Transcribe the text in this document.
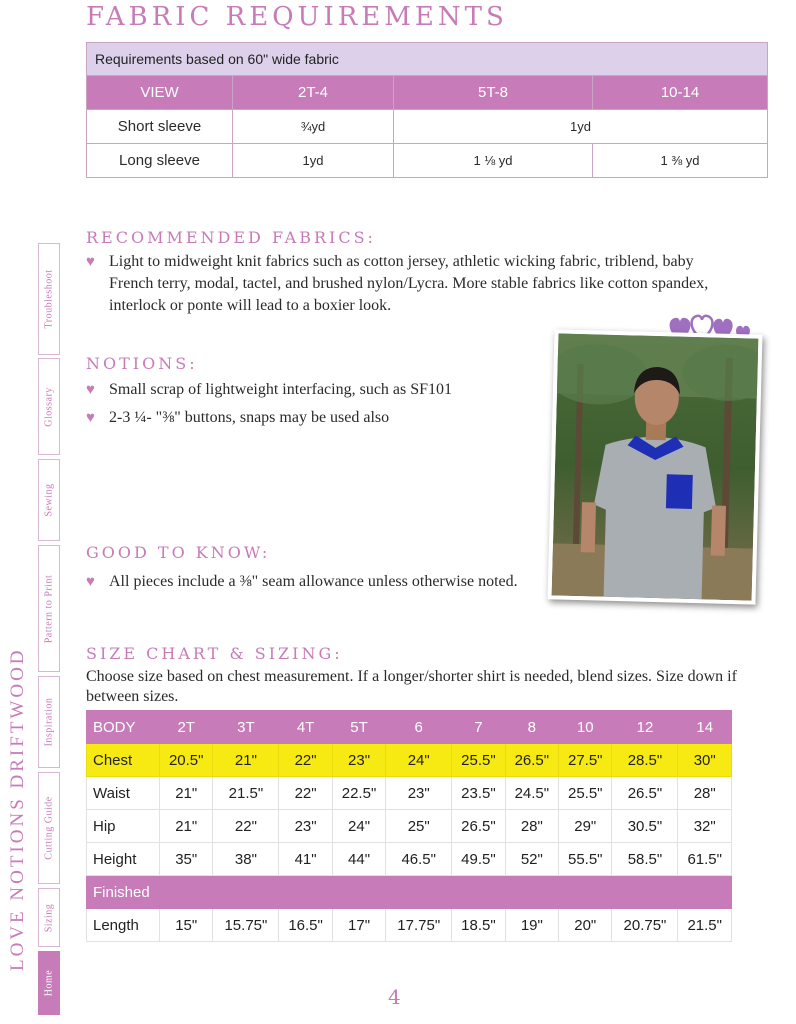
FABRIC REQUIREMENTS
Requirements based on 60" wide fabric			
VIEW	2T-4	5T-8	10-14
Short sleeve	¾yd	1yd	
Long sleeve	1yd	1 ⅛ yd	1 ⅜ yd
RECOMMENDED FABRICS:
♥ Light to midweight knit fabrics such as cotton jersey, athletic wicking fabric, triblend, baby French terry, modal, tactel, and brushed nylon/Lycra. More stable fabrics like cotton spandex, interlock or ponte will lead to a boxier look.
NOTIONS:
♥ Small scrap of lightweight interfacing, such as SF101
♥ 2-3 ¼- "⅜" buttons, snaps may be used also
GOOD TO KNOW:
♥ All pieces include a ⅜" seam allowance unless otherwise noted.
SIZE CHART & SIZING:
Choose size based on chest measurement. If a longer/shorter shirt is needed, blend sizes. Size down if between sizes.
BODY	2T	3T	4T	5T	6	7	8	10	12	14
Chest	20.5"	21"	22"	23"	24"	25.5"	26.5"	27.5"	28.5"	30"
Waist	21"	21.5"	22"	22.5"	23"	23.5"	24.5"	25.5"	26.5"	28"
Hip	21"	22"	23"	24"	25"	26.5"	28"	29"	30.5"	32"
Height	35"	38"	41"	44"	46.5"	49.5"	52"	55.5"	58.5"	61.5"
Finished										
Length	15"	15.75"	16.5"	17"	17.75"	18.5"	19"	20"	20.75"	21.5"
LOVE NOTIONS DRIFTWOOD
Troubleshoot
Glossary
Sewing
Pattern to Print
Inspiration
Cutting Guide
Sizing
Home
4
